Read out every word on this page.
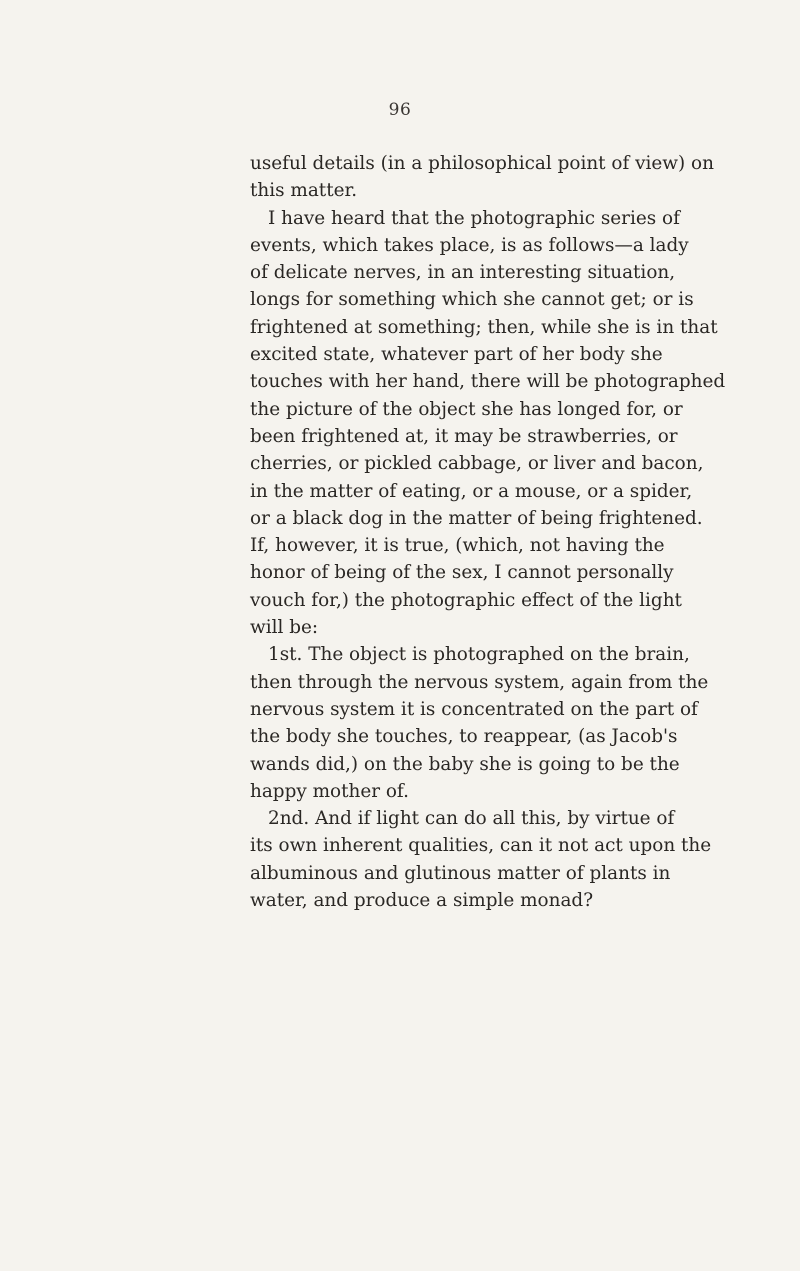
96
useful details (in a philosophical point of view) on
this matter.
I have heard that the photographic series of
events, which takes place, is as follows—a lady
of delicate nerves, in an interesting situation,
longs for something which she cannot get; or is
frightened at something; then, while she is in that
excited state, whatever part of her body she
touches with her hand, there will be photographed
the picture of the object she has longed for, or
been frightened at, it may be strawberries, or
cherries, or pickled cabbage, or liver and bacon,
in the matter of eating, or a mouse, or a spider,
or a black dog in the matter of being frightened.
If, however, it is true, (which, not having the
honor of being of the sex, I cannot personally
vouch for,) the photographic effect of the light
will be:
1st. The object is photographed on the brain,
then through the nervous system, again from the
nervous system it is concentrated on the part of
the body she touches, to reappear, (as Jacob's
wands did,) on the baby she is going to be the
happy mother of.
2nd. And if light can do all this, by virtue of
its own inherent qualities, can it not act upon the
albuminous and glutinous matter of plants in
water, and produce a simple monad?
